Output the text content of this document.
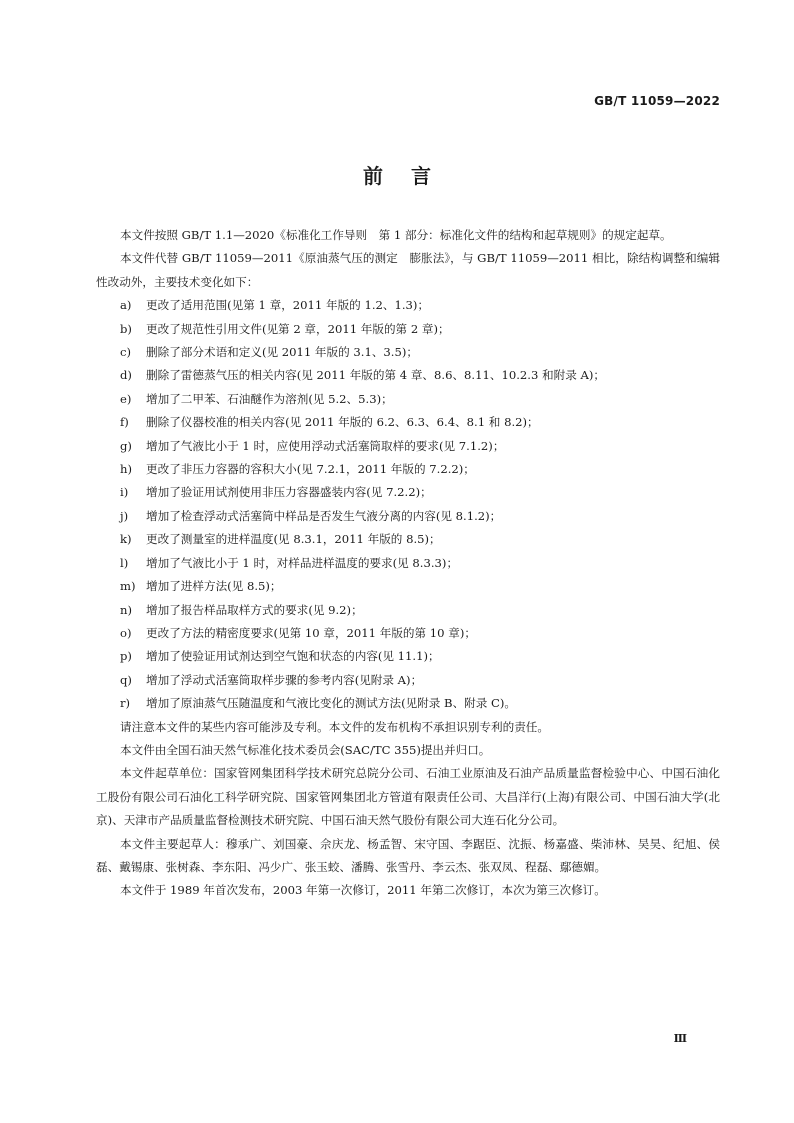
GB/T 11059—2022
前言

本文件按照 GB/T 1.1—2020《标准化工作导则　第 1 部分：标准化文件的结构和起草规则》的规定起草。

本文件代替 GB/T 11059—2011《原油蒸气压的测定　膨胀法》，与 GB/T 11059—2011 相比，除结构调整和编辑性改动外，主要技术变化如下：

a)	更改了适用范围(见第 1 章，2011 年版的 1.2、1.3)；
b)	更改了规范性引用文件(见第 2 章，2011 年版的第 2 章)；
c)	删除了部分术语和定义(见 2011 年版的 3.1、3.5)；
d)	删除了雷德蒸气压的相关内容(见 2011 年版的第 4 章、8.6、8.11、10.2.3 和附录 A)；
e)	增加了二甲苯、石油醚作为溶剂(见 5.2、5.3)；
f)	删除了仪器校准的相关内容(见 2011 年版的 6.2、6.3、6.4、8.1 和 8.2)；
g)	增加了气液比小于 1 时，应使用浮动式活塞筒取样的要求(见 7.1.2)；
h)	更改了非压力容器的容积大小(见 7.2.1，2011 年版的 7.2.2)；
i)	增加了验证用试剂使用非压力容器盛装内容(见 7.2.2)；
j)	增加了检查浮动式活塞筒中样品是否发生气液分离的内容(见 8.1.2)；
k)	更改了测量室的进样温度(见 8.3.1，2011 年版的 8.5)；
l)	增加了气液比小于 1 时，对样品进样温度的要求(见 8.3.3)；
m) 增加了进样方法(见 8.5)；
n)	增加了报告样品取样方式的要求(见 9.2)；
o)	更改了方法的精密度要求(见第 10 章，2011 年版的第 10 章)；
p)	增加了使验证用试剂达到空气饱和状态的内容(见 11.1)；
q)	增加了浮动式活塞筒取样步骤的参考内容(见附录 A)；
r)	增加了原油蒸气压随温度和气液比变化的测试方法(见附录 B、附录 C)。

请注意本文件的某些内容可能涉及专利。本文件的发布机构不承担识别专利的责任。

本文件由全国石油天然气标准化技术委员会(SAC/TC 355)提出并归口。

本文件起草单位：国家管网集团科学技术研究总院分公司、石油工业原油及石油产品质量监督检验中心、中国石油化工股份有限公司石油化工科学研究院、国家管网集团北方管道有限责任公司、大昌洋行(上海)有限公司、中国石油大学(北京)、天津市产品质量监督检测技术研究院、中国石油天然气股份有限公司大连石化分公司。

本文件主要起草人：穆承广、刘国豪、佘庆龙、杨孟智、宋守国、李踞臣、沈振、杨嘉盛、柴沛林、吴昊、纪旭、侯磊、戴锡康、张树森、李东阳、冯少广、张玉蛟、潘腾、张雪丹、李云杰、张双凤、程磊、鄢德媚。

本文件于 1989 年首次发布，2003 年第一次修订，2011 年第二次修订，本次为第三次修订。

Ⅲ
